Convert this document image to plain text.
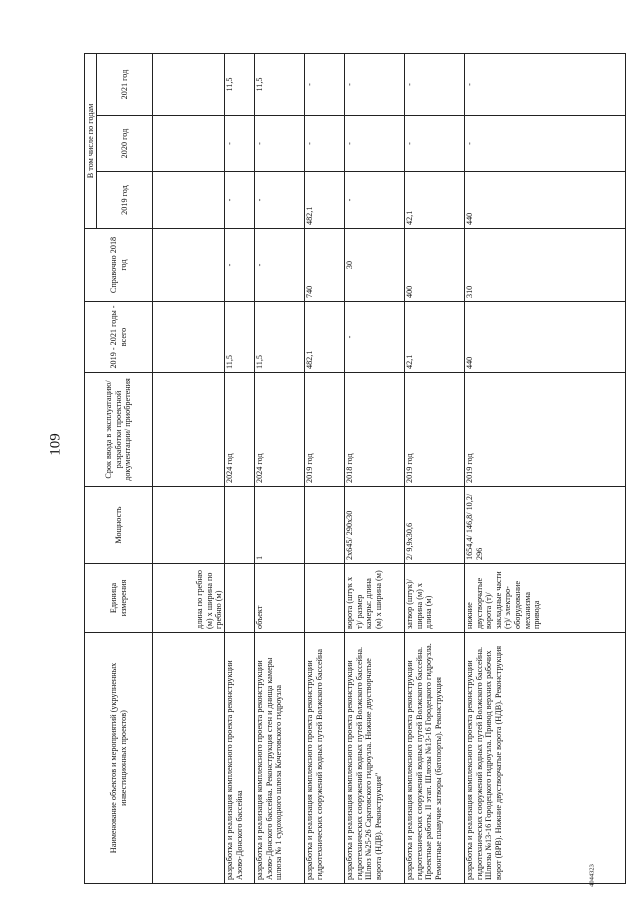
109
Наименование объектов и мероприятий (укрупненных инвестиционных проектов)	Единица измерения	Мощность	Срок ввода в эксплуатацию/ разработки проектной документации/ приобретения	2019 - 2021 годы - всего	Справочно 2018 год	В том числе по годам		
						2019 год	2020 год	2021 год
	длина по гребню (м) х ширина по гребню (м)							
разработка и реализация комплексного проекта реконструкции Азово-Донского бассейна			2024 год	11,5	-	-	-	11,5
разработка и реализация комплексного проекта реконструкции Азово-Донского бассейна. Реконструкция стен и днища камеры шлюза № 1 судоходного шлюза Кочетовского гидроузла	объект	1	2024 год	11,5	-	-	-	11,5
разработка и реализация комплексного проекта реконструкции гидротехнических сооружений водных путей Волжского бассейна			2019 год	482,1	740	482,1	-	-
разработка и реализация комплексного проекта реконструкции гидротехнических сооружений водных путей Волжского бассейна. Шлюз №25-26 Саратовского гидроузла. Нижние двустворчатые ворота (НДВ). Реконструкция"	ворота (штук х т)/ размер камеры: длина (м) х ширина (м)	2х645/ 290х30	2018 год	-	30	-	-	-
разработка и реализация комплексного проекта реконструкции гидротехнических сооружений водных путей Волжского бассейна. Проектные работы. II этап. Шлюзы №13-16 Городецкого гидроузла. Ремонтные плавучие затворы (батопорты). Реконструкция	затвор (штук)/ ширина (м) х длина (м)	2/ 9,9х30,6	2019 год	42,1	400	42,1	-	-
разработка и реализация комплексного проекта реконструкции гидротехнических сооружений водных путей Волжского бассейна. Шлюзы №13-16 Городецкого гидроузла. Привод верхних рабочих ворот (ВРВ). Нижние двустворчатые ворота (НДВ). Реконструкция	нижние двустворчатые ворота (т)/ закладные части (т)/ электро-оборудование механизма привода	1654,4/ 146,8/ 10,2/ 296	2019 год	440	310	440	-	-
4044323
